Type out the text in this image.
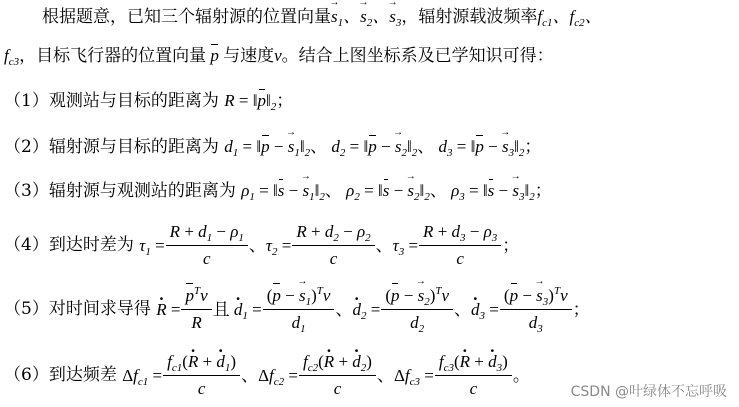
根据题意，已知三个辐射源的位置向量→ $s_1$、→ $s_2$、→ $s_3$，辐射源载波频率$f_{c1}$、$f_{c2}$、
$f_{c3}$，目标飞行器的位置向量 p 与速度v。结合上图坐标系及已学知识可得：
（1）观测站与目标的距离为 $R = ‖p‖_2$；
（2）辐射源与目标的距离为 $d_1$ = ‖p − → $s_1‖_2$、 $d_2$ = ‖p − → $s_2‖_2$、 $d_3$ = ‖p − → $s_3‖_2$；
（3）辐射源与观测站的距离为 $\rho_1$ = ‖s − → $s_1‖_2$、 $\rho_2$ = ‖s − → $s_2‖_2$、 $\rho_3$ = ‖s − → $s_3‖_2$；
（4）到达时差为 $\tau_1 = \frac{R + d_1 - \rho_1}{c}$ 、$\tau_2 = \frac{R + d_2 - \rho_2}{c}$ 、$\tau_3 = \frac{R + d_3 - \rho_3}{c}$ ；
（5）对时间求导得 · $R = \frac{p^Tv}{R}$ 且 · $d_1 = \frac{(p - \to s_1)^Tv}{d_1}$ 、· $d_2 = \frac{(p - \to s_2)^Tv}{d_2}$ 、· $d_3 = \frac{(p - \to s_3)^Tv}{d_3}$ ；
（6）到达频差 $\Delta f_{c1} = \frac{f_{c1}(\cdot R + \cdot d_1)}{c}$ 、$\Delta f_{c2} = \frac{f_{c2}(\cdot R + \cdot d_2)}{c}$ 、$\Delta f_{c3} = \frac{f_{c3}(\cdot R + \cdot d_3)}{c}$ 。
CSDN @叶绿体不忘呼吸
